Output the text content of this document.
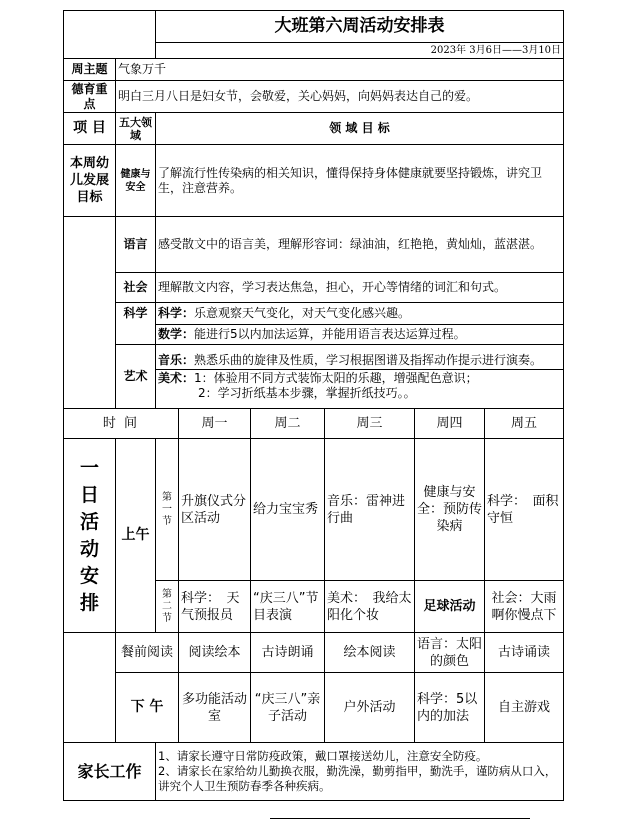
		大班第六周活动安排表					
		2023年 3月6日——3月10日					
周主题	气象万千						
德育重点	明白三月八日是妇女节，会敬爱，关心妈妈，向妈妈表达自己的爱。						
项 目	五大领域	领 域 目 标					
本周幼儿发展目标	健康与安全	了解流行性传染病的相关知识，懂得保持身体健康就要坚持锻炼，讲究卫生，注意营养。					
	语言	感受散文中的语言美，理解形容词：绿油油，红艳艳，黄灿灿，蓝湛湛。					
	社会	理解散文内容，学习表达焦急，担心，开心等情绪的词汇和句式。					
	科学	科学：乐意观察天气变化，对天气变化感兴趣。					
		数学：能进行5以内加法运算，并能用语言表达运算过程。					
	艺术	音乐：熟悉乐曲的旋律及性质，学习根据图谱及指挥动作提示进行演奏。
美术：1：体验用不同方式装饰太阳的乐趣，增强配色意识；
2：学习折纸基本步骤，掌握折纸技巧。。					

时 间			周一	周二	周三	周四	周五

一日活动安排	上午	第一节	升旗仪式分区活动	给力宝宝秀	音乐：雷神进行曲	健康与安全：预防传染病	科学：　面积守恒

		第二节	科学：　天气预报员	“庆三八”节目表演	美术：　我给太阳化个妆	足球活动	社会：大雨啊你慢点下
	餐前阅读		阅读绘本	古诗朗诵	绘本阅读	语言：太阳的颜色	古诗诵读
	下 午		多功能活动室	“庆三八”亲子活动	户外活动	科学：5以内的加法	自主游戏
家长工作		1、请家长遵守日常防疫政策，戴口罩接送幼儿，注意安全防疫。
2、请家长在家给幼儿勤换衣服，勤洗澡，勤剪指甲，勤洗手，谨防病从口入，讲究个人卫生预防春季各种疾病。					
